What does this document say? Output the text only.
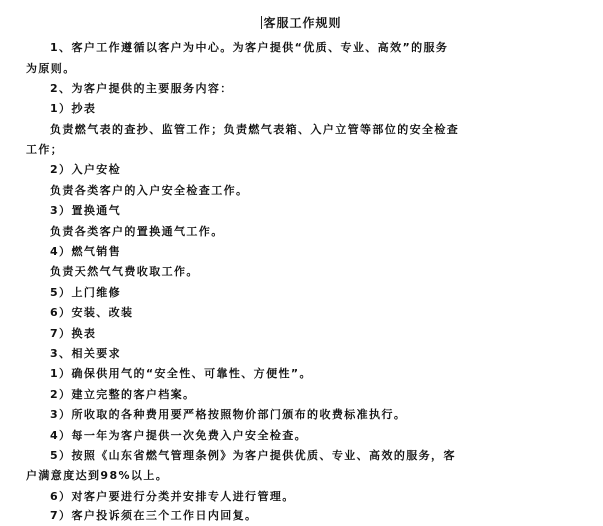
客服工作规则
1、客户工作遵循以客户为中心。为客户提供“优质、专业、高效”的服务
为原则。
2、为客户提供的主要服务内容：
1）抄表
负责燃气表的查抄、监管工作；负责燃气表箱、入户立管等部位的安全检查
工作；
2）入户安检
负责各类客户的入户安全检查工作。
3）置换通气
负责各类客户的置换通气工作。
4）燃气销售
负责天然气气费收取工作。
5）上门维修
6）安装、改装
7）换表
3、相关要求
1）确保供用气的“安全性、可靠性、方便性”。
2）建立完整的客户档案。
3）所收取的各种费用要严格按照物价部门颁布的收费标准执行。
4）每一年为客户提供一次免费入户安全检查。
5）按照《山东省燃气管理条例》为客户提供优质、专业、高效的服务，客
户满意度达到98%以上。
6）对客户要进行分类并安排专人进行管理。
7）客户投诉须在三个工作日内回复。
